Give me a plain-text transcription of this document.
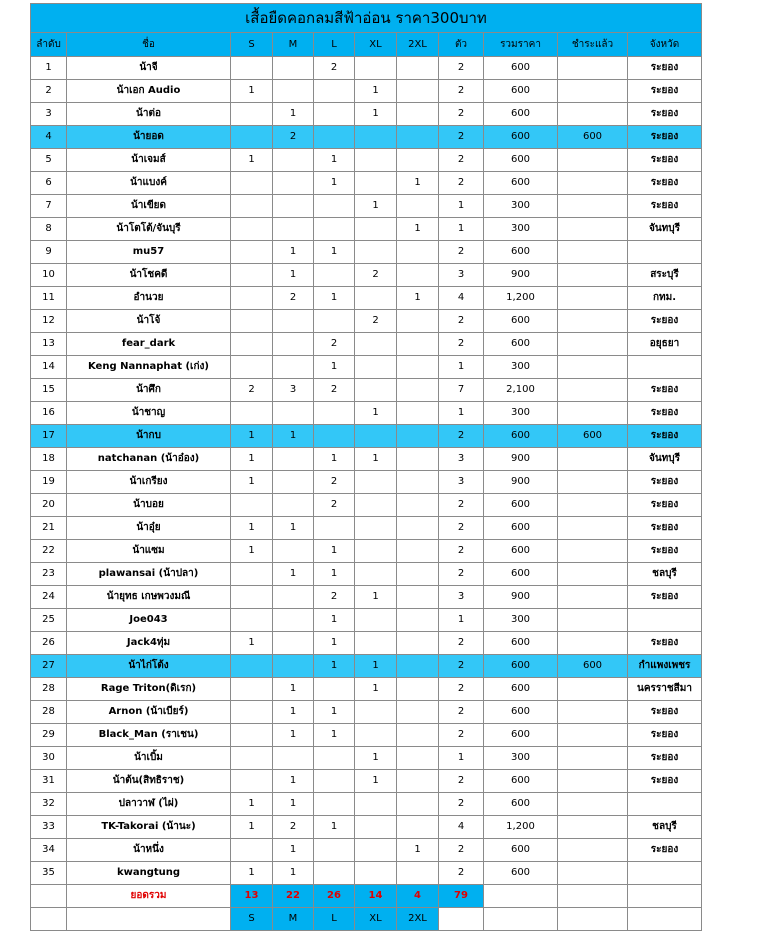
เสื้อยืดคอกลมสีฟ้าอ่อน ราคา300บาท										
ลำดับ	ชื่อ	S	M	L	XL	2XL	ตัว	รวมราคา	ชำระแล้ว	จังหวัด
1	น้าจี			2			2	600		ระยอง
2	น้าเอก Audio	1			1		2	600		ระยอง
3	น้าต่อ		1		1		2	600		ระยอง
4	น้ายอด		2				2	600	600	ระยอง
5	น้าเจมส์	1		1			2	600		ระยอง
6	น้าแบงค์			1		1	2	600		ระยอง
7	น้าเขียด				1		1	300		ระยอง
8	น้าโตโต้/จันบุรี					1	1	300		จันทบุรี
9	mu57		1	1			2	600		
10	น้าโชคดี		1		2		3	900		สระบุรี
11	อำนวย		2	1		1	4	1,200		กทม.
12	น้าโจ้				2		2	600		ระยอง
13	fear_dark			2			2	600		อยุธยา
14	Keng Nannaphat (เก่ง)			1			1	300		
15	น้าศึก	2	3	2			7	2,100		ระยอง
16	น้าชาญ				1		1	300		ระยอง
17	น้ากบ	1	1				2	600	600	ระยอง
18	natchanan (น้าอ๋อง)	1		1	1		3	900		จันทบุรี
19	น้าเกรียง	1		2			3	900		ระยอง
20	น้าบอย			2			2	600		ระยอง
21	น้าอุ๋ย	1	1				2	600		ระยอง
22	น้าแซม	1		1			2	600		ระยอง
23	plawansai (น้าปลา)		1	1			2	600		ชลบุรี
24	น้ายุทธ เกษพวงมณี			2	1		3	900		ระยอง
25	Joe043			1			1	300		
26	Jack4ทุ่ม	1		1			2	600		ระยอง
27	น้าไก่โต้ง			1	1		2	600	600	กำแพงเพชร
28	Rage Triton(ดิเรก)		1		1		2	600		นครราชสีมา
28	Arnon (น้าเบียร์)		1	1			2	600		ระยอง
29	Black_Man (ราเชน)		1	1			2	600		ระยอง
30	น้าเบิ้ม				1		1	300		ระยอง
31	น้าต้น(สิทธิราช)		1		1		2	600		ระยอง
32	ปลาวาฬ (ไผ่)	1	1				2	600		
33	TK-Takorai (น้านะ)	1	2	1			4	1,200		ชลบุรี
34	น้าหนึ่ง		1			1	2	600		ระยอง
35	kwangtung	1	1				2	600		
	ยอดรวม	13	22	26	14	4	79			
		S	M	L	XL	2XL				
